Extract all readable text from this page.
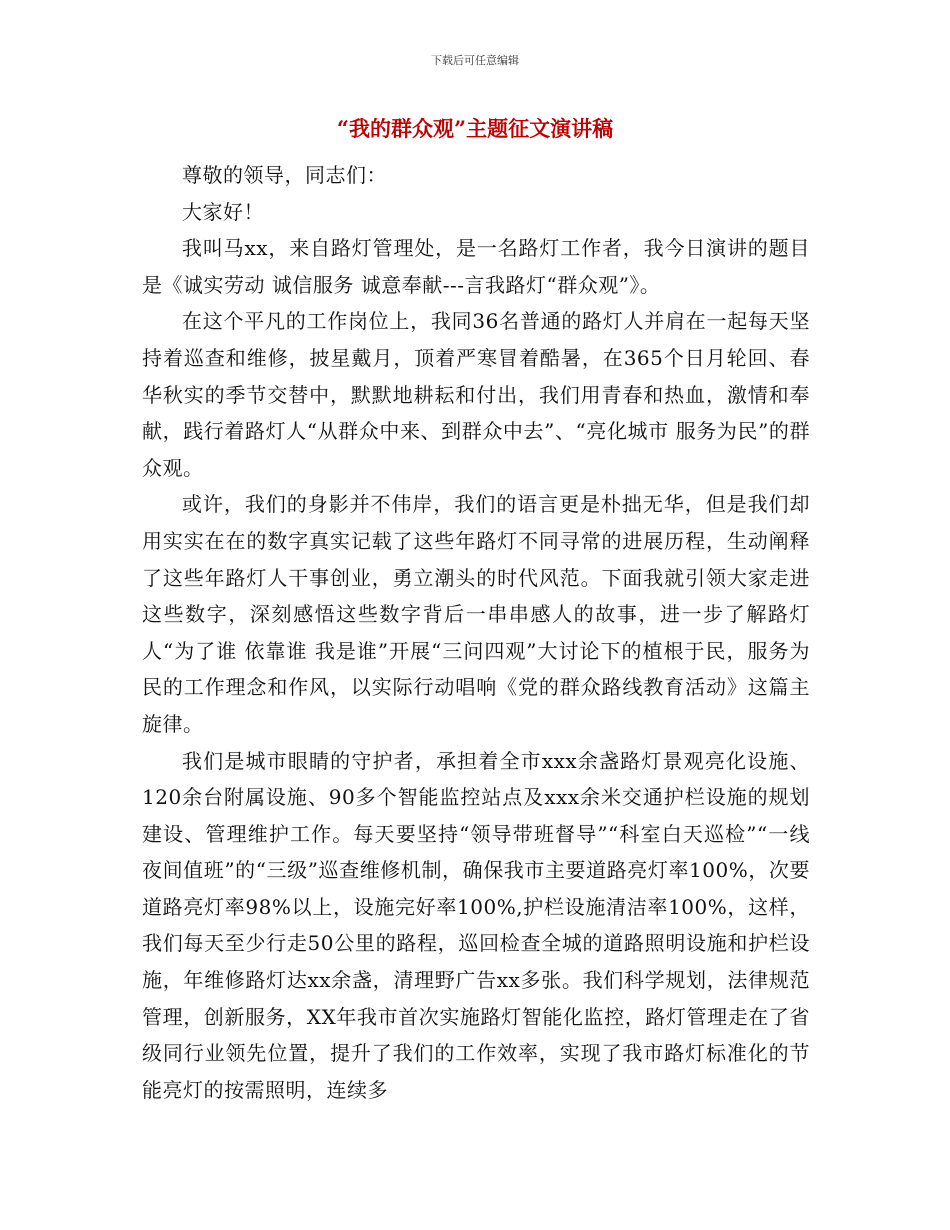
下载后可任意编辑
“我的群众观”主题征文演讲稿

尊敬的领导，同志们：

大家好！

我叫马xx，来自路灯管理处，是一名路灯工作者，我今日演讲的题目是《诚实劳动 诚信服务 诚意奉献---言我路灯“群众观”》。

在这个平凡的工作岗位上，我同36名普通的路灯人并肩在一起每天坚持着巡查和维修，披星戴月，顶着严寒冒着酷暑，在365个日月轮回、春华秋实的季节交替中，默默地耕耘和付出，我们用青春和热血，激情和奉献，践行着路灯人“从群众中来、到群众中去”、“亮化城市 服务为民”的群众观。

或许，我们的身影并不伟岸，我们的语言更是朴拙无华，但是我们却用实实在在的数字真实记载了这些年路灯不同寻常的进展历程，生动阐释了这些年路灯人干事创业，勇立潮头的时代风范。下面我就引领大家走进这些数字，深刻感悟这些数字背后一串串感人的故事，进一步了解路灯人“为了谁 依靠谁 我是谁”开展“三问四观”大讨论下的植根于民，服务为民的工作理念和作风，以实际行动唱响《党的群众路线教育活动》这篇主旋律。

我们是城市眼睛的守护者，承担着全市xxx余盏路灯景观亮化设施、120余台附属设施、90多个智能监控站点及xxx余米交通护栏设施的规划建设、管理维护工作。每天要坚持“领导带班督导”“科室白天巡检”“一线夜间值班”的“三级”巡查维修机制，确保我市主要道路亮灯率100%，次要道路亮灯率98%以上，设施完好率100%,护栏设施清洁率100%，这样，我们每天至少行走50公里的路程，巡回检查全城的道路照明设施和护栏设施，年维修路灯达xx余盏，清理野广告xx多张。我们科学规划，法律规范管理，创新服务，XX年我市首次实施路灯智能化监控，路灯管理走在了省级同行业领先位置，提升了我们的工作效率，实现了我市路灯标准化的节能亮灯的按需照明，连续多
